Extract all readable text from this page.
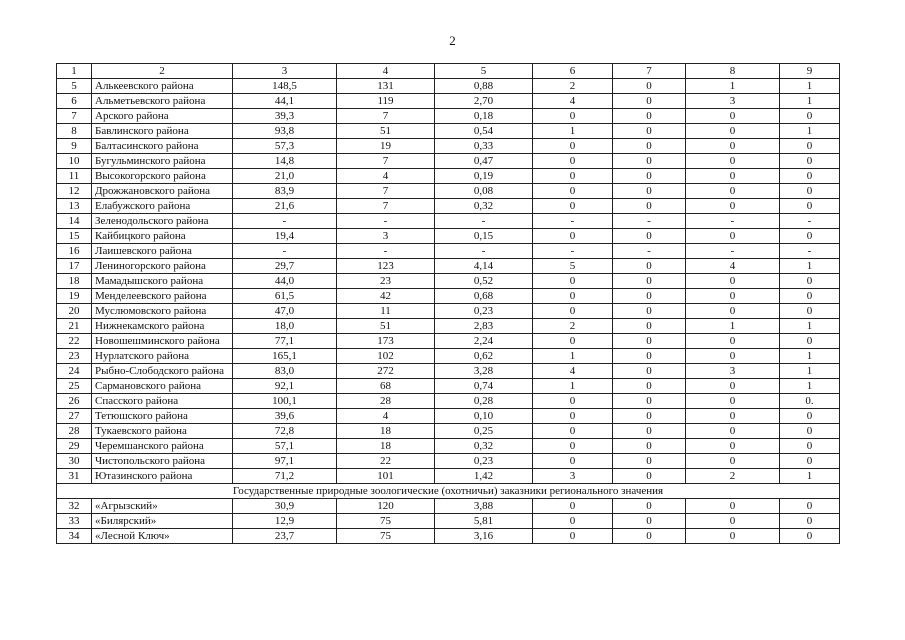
2
1	2	3	4	5	6	7	8	9
5	Алькеевского района	148,5	131	0,88	2	0	1	1
6	Альметьевского района	44,1	119	2,70	4	0	3	1
7	Арского района	39,3	7	0,18	0	0	0	0
8	Бавлинского района	93,8	51	0,54	1	0	0	1
9	Балтасинского района	57,3	19	0,33	0	0	0	0
10	Бугульминского района	14,8	7	0,47	0	0	0	0
11	Высокогорского района	21,0	4	0,19	0	0	0	0
12	Дрожжановского района	83,9	7	0,08	0	0	0	0
13	Елабужского района	21,6	7	0,32	0	0	0	0
14	Зеленодольского района	-	-	-	-	-	-	-
15	Кайбицкого района	19,4	3	0,15	0	0	0	0
16	Лаишевского района	-	-	-	-	-	-	-
17	Лениногорского района	29,7	123	4,14	5	0	4	1
18	Мамадышского района	44,0	23	0,52	0	0	0	0
19	Менделеевского района	61,5	42	0,68	0	0	0	0
20	Муслюмовского района	47,0	11	0,23	0	0	0	0
21	Нижнекамского района	18,0	51	2,83	2	0	1	1
22	Новошешминского района	77,1	173	2,24	0	0	0	0
23	Нурлатского района	165,1	102	0,62	1	0	0	1
24	Рыбно-Слободского района	83,0	272	3,28	4	0	3	1
25	Сармановского района	92,1	68	0,74	1	0	0	1
26	Спасского района	100,1	28	0,28	0	0	0	0.
27	Тетюшского района	39,6	4	0,10	0	0	0	0
28	Тукаевского района	72,8	18	0,25	0	0	0	0
29	Черемшанского района	57,1	18	0,32	0	0	0	0
30	Чистопольского района	97,1	22	0,23	0	0	0	0
31	Ютазинского района	71,2	101	1,42	3	0	2	1
Государственные природные зоологические (охотничьи) заказники регионального значения								
32	«Агрызский»	30,9	120	3,88	0	0	0	0
33	«Билярский»	12,9	75	5,81	0	0	0	0
34	«Лесной Ключ»	23,7	75	3,16	0	0	0	0
